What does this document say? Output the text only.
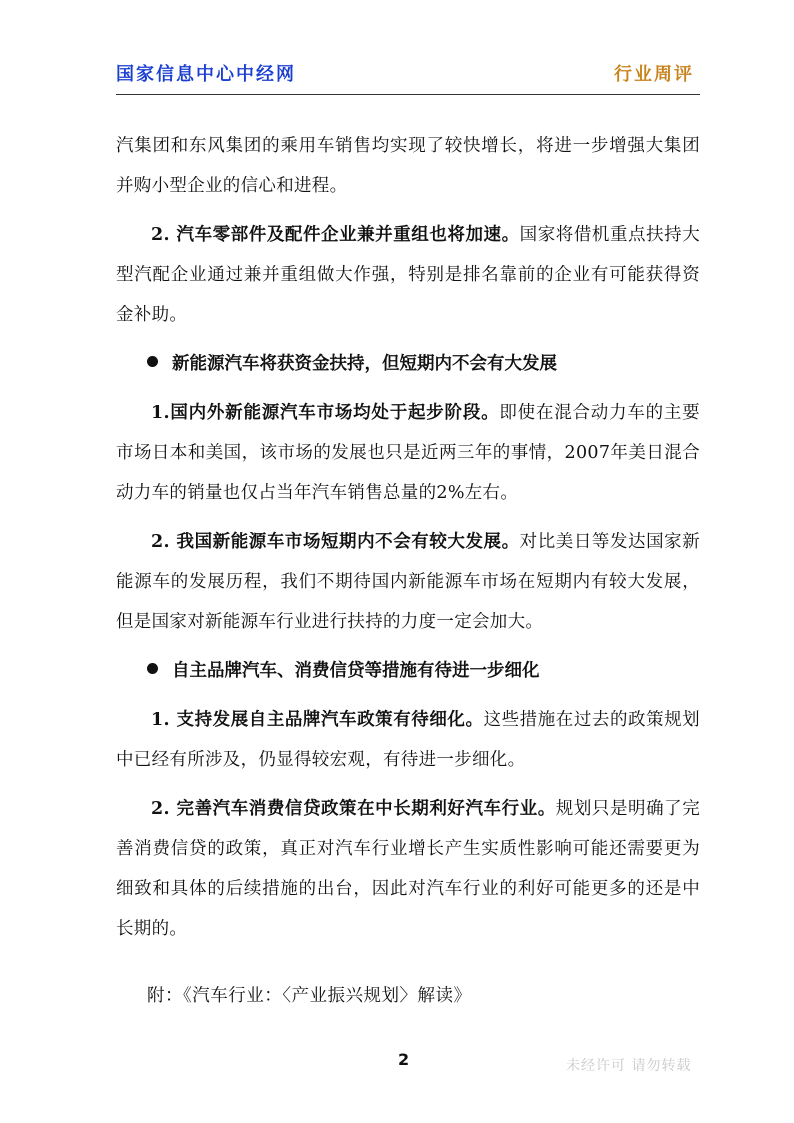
国家信息中心中经网	行业周评

汽集团和东风集团的乘用车销售均实现了较快增长，将进一步增强大集团并购小型企业的信心和进程。

2. 汽车零部件及配件企业兼并重组也将加速。国家将借机重点扶持大型汽配企业通过兼并重组做大作强，特别是排名靠前的企业有可能获得资金补助。

新能源汽车将获资金扶持，但短期内不会有大发展

1.国内外新能源汽车市场均处于起步阶段。即使在混合动力车的主要市场日本和美国，该市场的发展也只是近两三年的事情，2007年美日混合动力车的销量也仅占当年汽车销售总量的2%左右。

2. 我国新能源车市场短期内不会有较大发展。对比美日等发达国家新能源车的发展历程，我们不期待国内新能源车市场在短期内有较大发展，但是国家对新能源车行业进行扶持的力度一定会加大。

自主品牌汽车、消费信贷等措施有待进一步细化

1. 支持发展自主品牌汽车政策有待细化。这些措施在过去的政策规划中已经有所涉及，仍显得较宏观，有待进一步细化。

2. 完善汽车消费信贷政策在中长期利好汽车行业。规划只是明确了完善消费信贷的政策，真正对汽车行业增长产生实质性影响可能还需要更为细致和具体的后续措施的出台，因此对汽车行业的利好可能更多的还是中长期的。

附：《汽车行业：〈产业振兴规划〉解读》
2	未经许可 请勿转载
